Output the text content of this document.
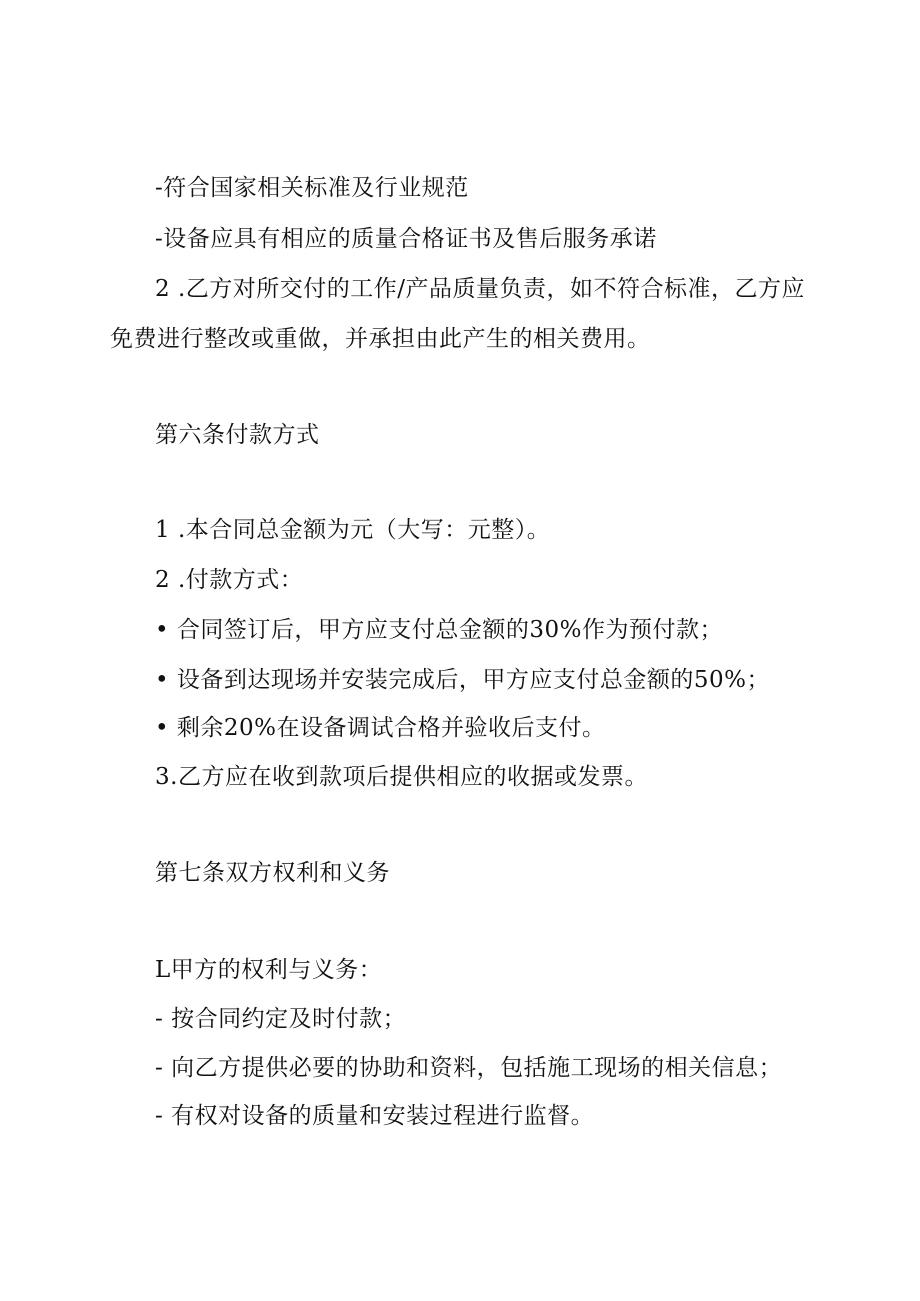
-符合国家相关标准及行业规范
-设备应具有相应的质量合格证书及售后服务承诺
2 .乙方对所交付的工作/产品质量负责，如不符合标准，乙方应
免费进行整改或重做，并承担由此产生的相关费用。
第六条付款方式
1 .本合同总金额为元（大写：元整）。
2 .付款方式：
• 合同签订后，甲方应支付总金额的30%作为预付款；
• 设备到达现场并安装完成后，甲方应支付总金额的50%；
• 剩余20%在设备调试合格并验收后支付。
3.乙方应在收到款项后提供相应的收据或发票。
第七条双方权利和义务
L甲方的权利与义务：
- 按合同约定及时付款；
- 向乙方提供必要的协助和资料，包括施工现场的相关信息；
- 有权对设备的质量和安装过程进行监督。
